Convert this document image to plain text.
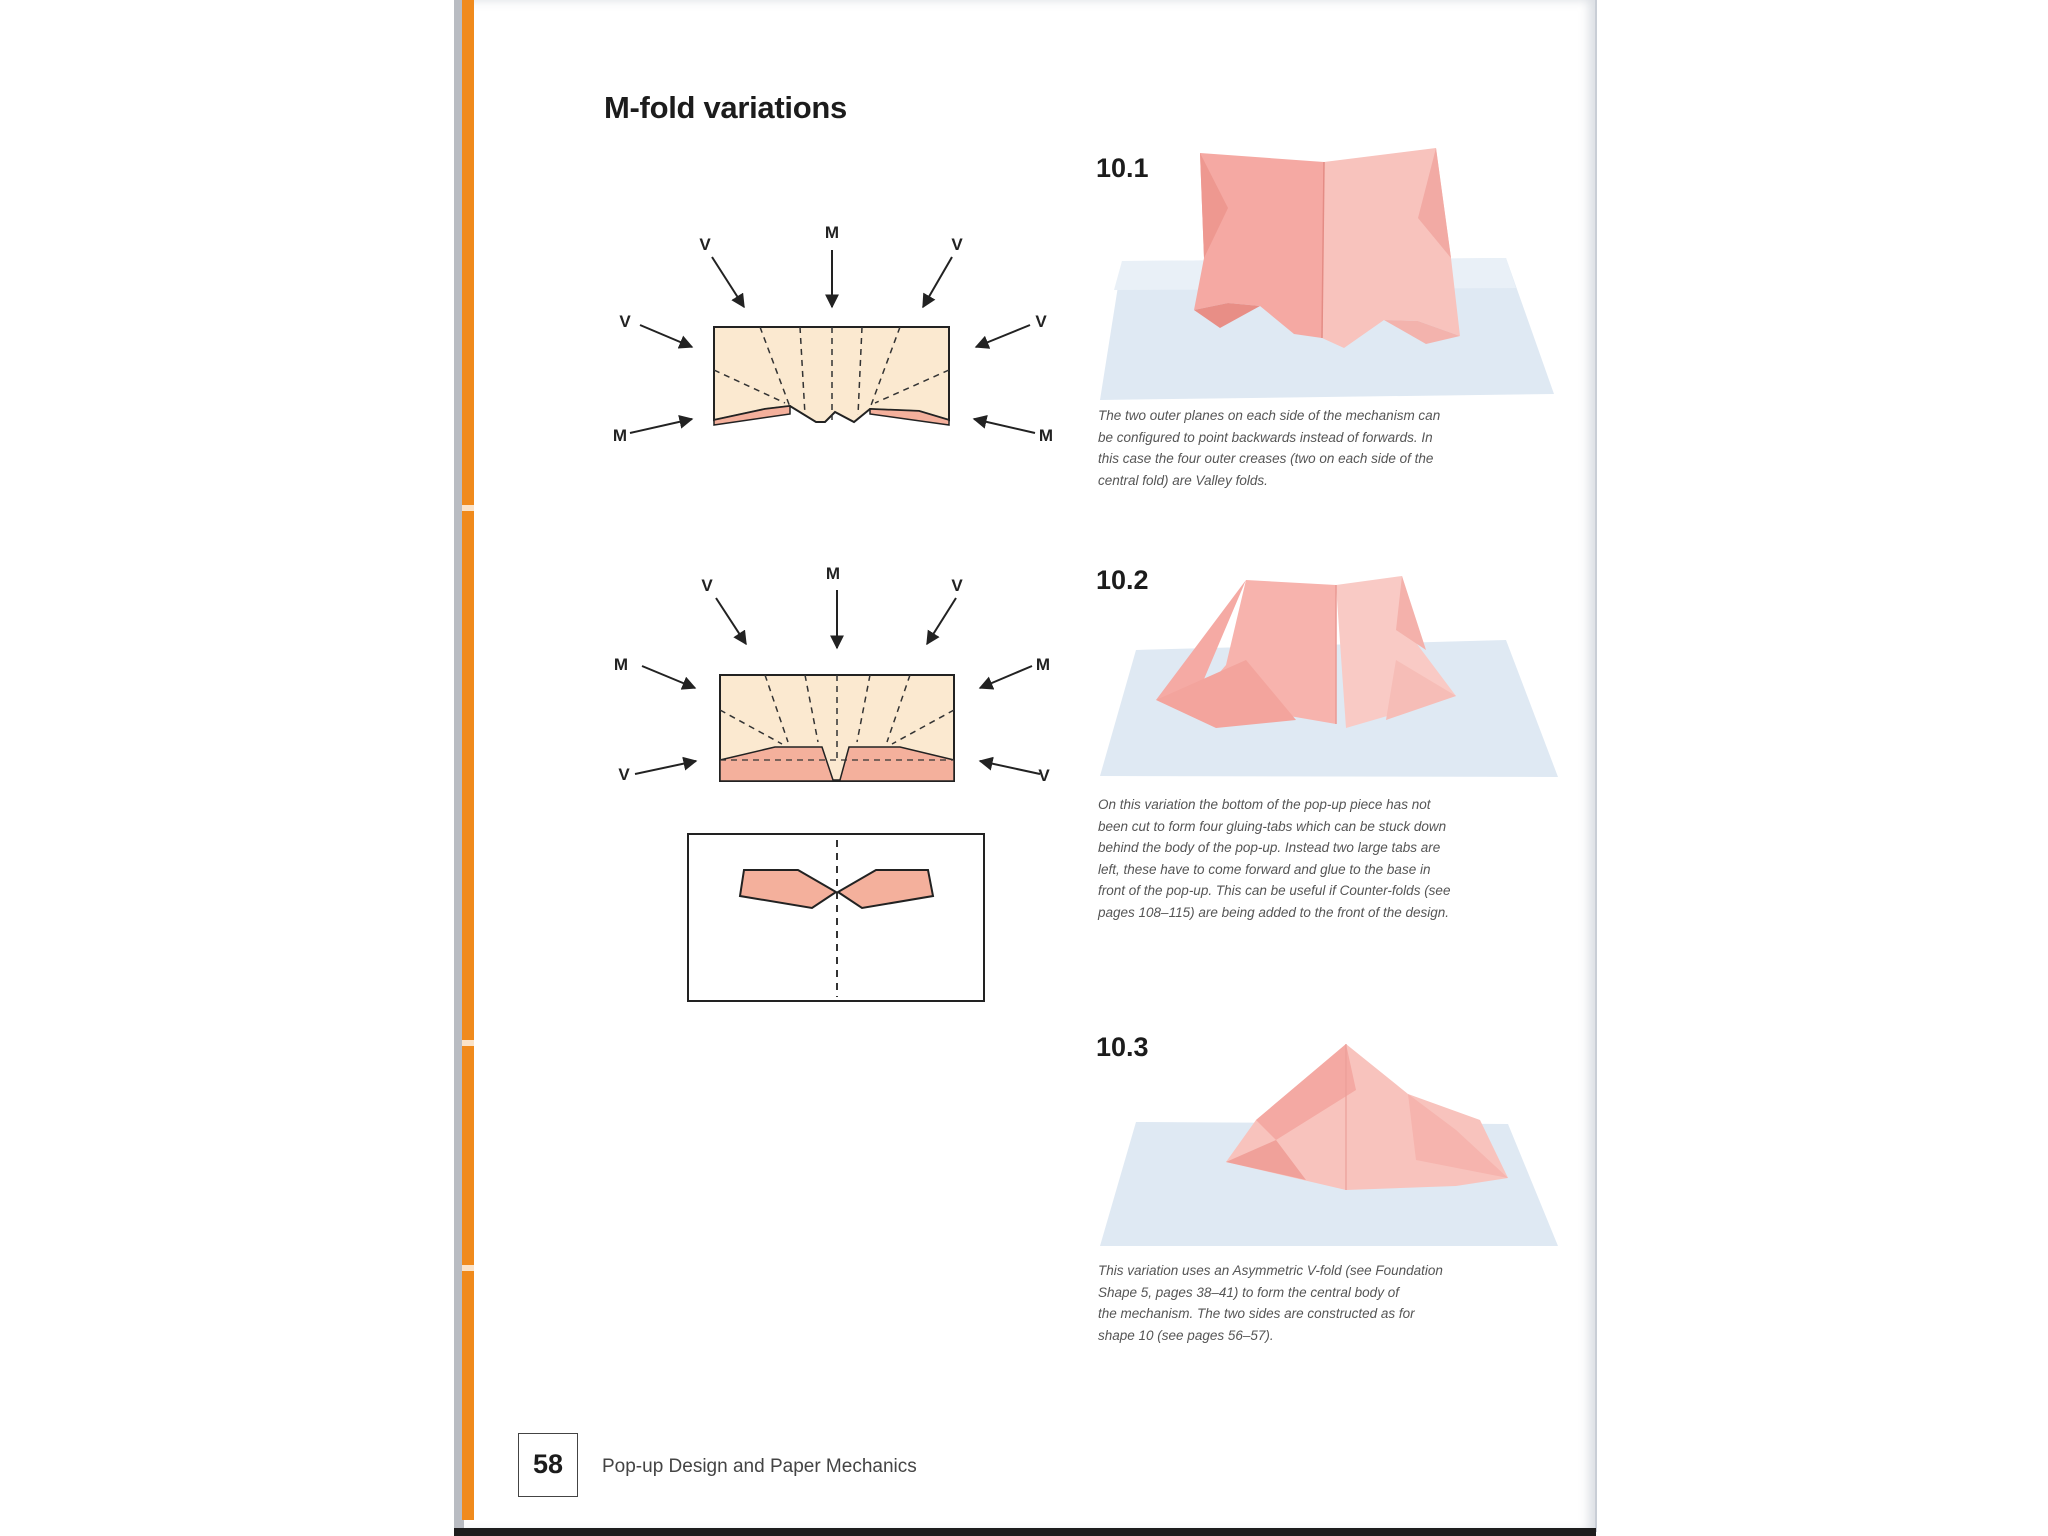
M-fold variations
M
V	V
V	V
M	M
M
V	V
M	M
V	V
10.1
10.2
10.3
The two outer planes on each side of the mechanism can
be configured to point backwards instead of forwards. In
this case the four outer creases (two on each side of the
central fold) are Valley folds.
On this variation the bottom of the pop-up piece has not
been cut to form four gluing-tabs which can be stuck down
behind the body of the pop-up. Instead two large tabs are
left, these have to come forward and glue to the base in
front of the pop-up. This can be useful if Counter-folds (see
pages 108–115) are being added to the front of the design.
This variation uses an Asymmetric V-fold (see Foundation
Shape 5, pages 38–41) to form the central body of
the mechanism. The two sides are constructed as for
shape 10 (see pages 56–57).
58	Pop-up Design and Paper Mechanics
